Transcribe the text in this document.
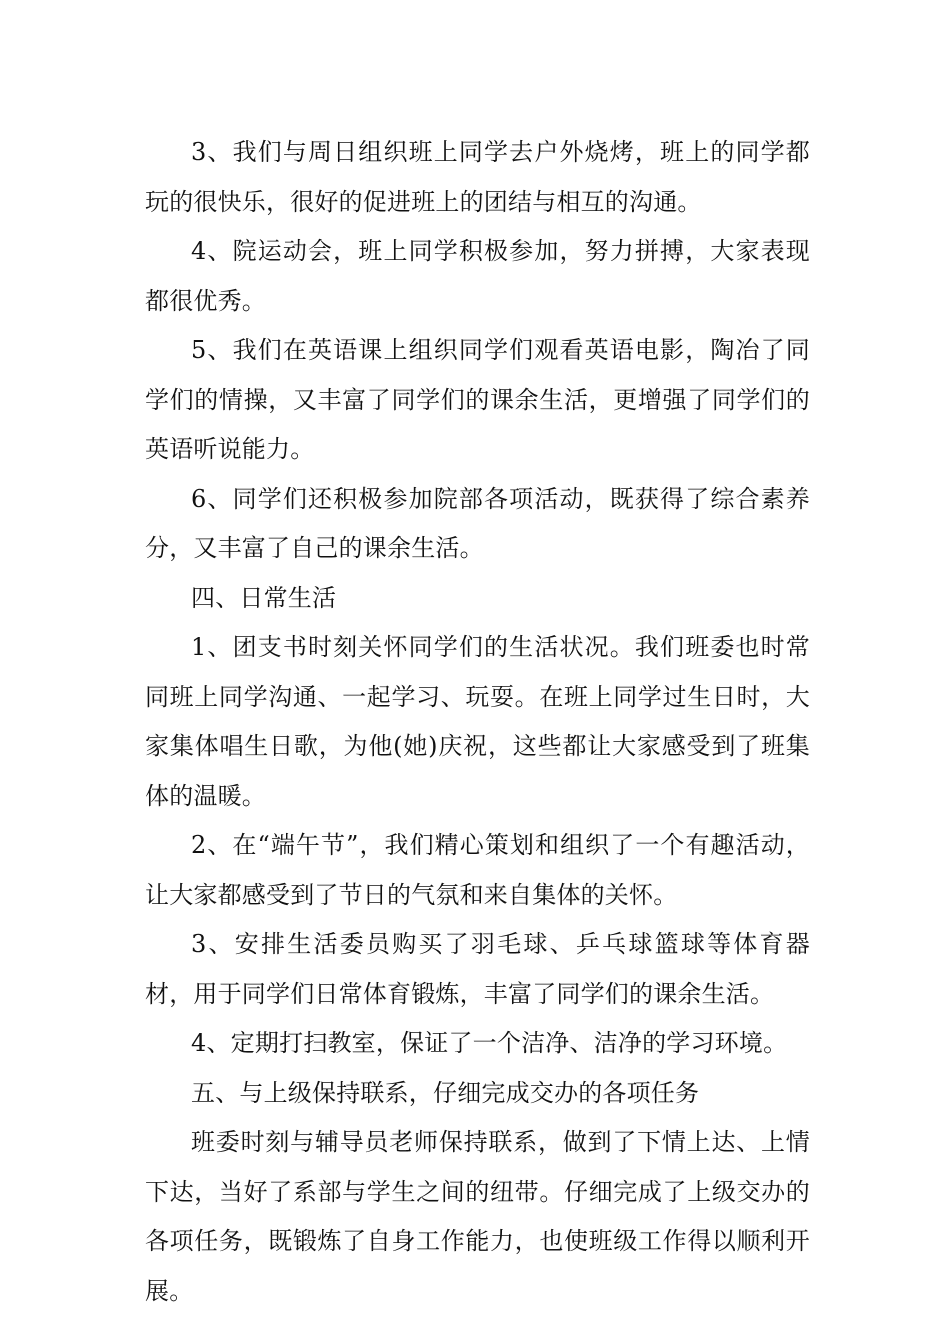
3、我们与周日组织班上同学去户外烧烤，班上的同学都玩的很快乐，很好的促进班上的团结与相互的沟通。

4、院运动会，班上同学积极参加，努力拼搏，大家表现都很优秀。

5、我们在英语课上组织同学们观看英语电影，陶冶了同学们的情操，又丰富了同学们的课余生活，更增强了同学们的英语听说能力。

6、同学们还积极参加院部各项活动，既获得了综合素养分，又丰富了自己的课余生活。

四、日常生活

1、团支书时刻关怀同学们的生活状况。我们班委也时常同班上同学沟通、一起学习、玩耍。在班上同学过生日时，大家集体唱生日歌，为他(她)庆祝，这些都让大家感受到了班集体的温暖。

2、在“端午节”，我们精心策划和组织了一个有趣活动，让大家都感受到了节日的气氛和来自集体的关怀。

3、安排生活委员购买了羽毛球、乒乓球篮球等体育器材，用于同学们日常体育锻炼，丰富了同学们的课余生活。

4、定期打扫教室，保证了一个洁净、洁净的学习环境。

五、与上级保持联系，仔细完成交办的各项任务

班委时刻与辅导员老师保持联系，做到了下情上达、上情下达，当好了系部与学生之间的纽带。仔细完成了上级交办的各项任务，既锻炼了自身工作能力，也使班级工作得以顺利开展。
